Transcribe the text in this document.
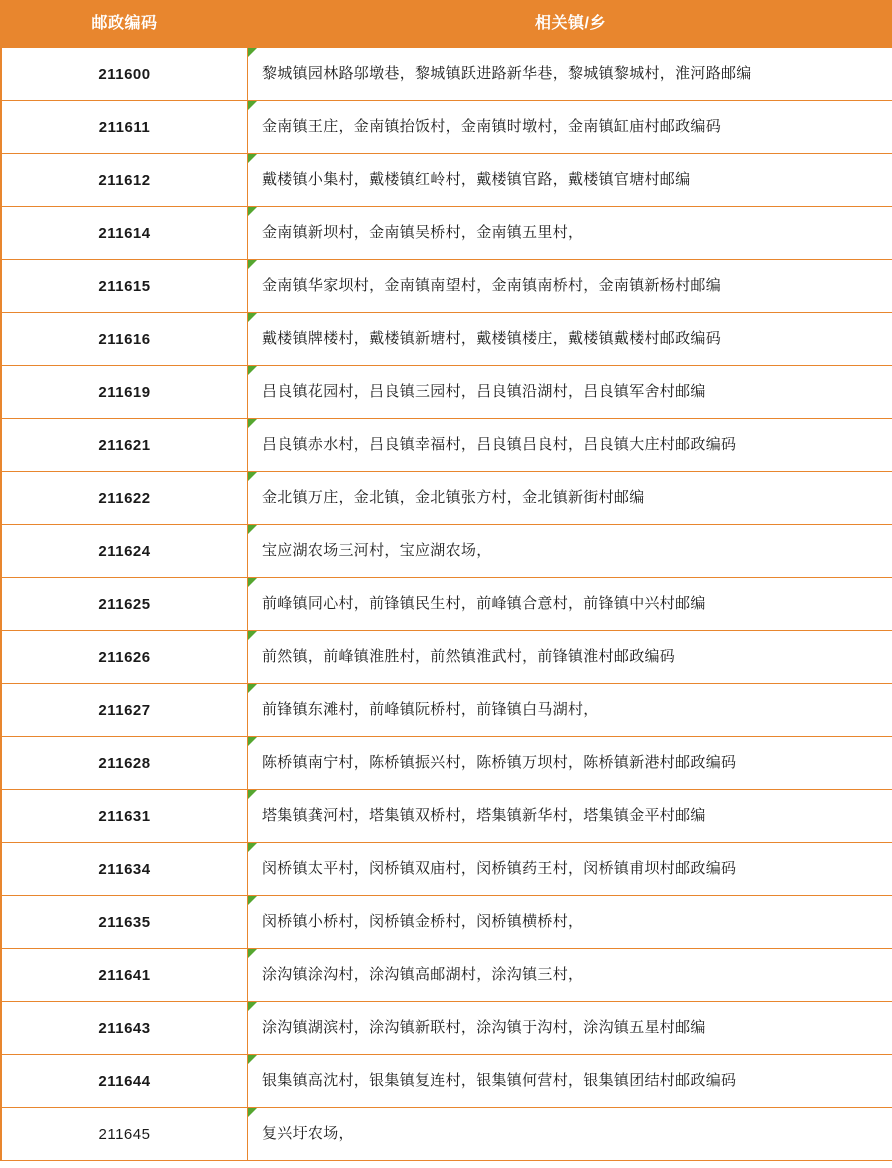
邮政编码	相关镇/乡
211600	黎城镇园林路邬墩巷，黎城镇跃进路新华巷，黎城镇黎城村，淮河路邮编
211611	金南镇王庄，金南镇抬饭村，金南镇时墩村，金南镇缸庙村邮政编码
211612	戴楼镇小集村，戴楼镇红岭村，戴楼镇官路，戴楼镇官塘村邮编
211614	金南镇新坝村，金南镇吴桥村，金南镇五里村，
211615	金南镇华家坝村，金南镇南望村，金南镇南桥村，金南镇新杨村邮编
211616	戴楼镇牌楼村，戴楼镇新塘村，戴楼镇楼庄，戴楼镇戴楼村邮政编码
211619	吕良镇花园村，吕良镇三园村，吕良镇沿湖村，吕良镇军舍村邮编
211621	吕良镇赤水村，吕良镇幸福村，吕良镇吕良村，吕良镇大庄村邮政编码
211622	金北镇万庄，金北镇，金北镇张方村，金北镇新街村邮编
211624	宝应湖农场三河村，宝应湖农场，
211625	前峰镇同心村，前锋镇民生村，前峰镇合意村，前锋镇中兴村邮编
211626	前然镇，前峰镇淮胜村，前然镇淮武村，前锋镇淮村邮政编码
211627	前锋镇东滩村，前峰镇阮桥村，前锋镇白马湖村，
211628	陈桥镇南宁村，陈桥镇振兴村，陈桥镇万坝村，陈桥镇新港村邮政编码
211631	塔集镇龚河村，塔集镇双桥村，塔集镇新华村，塔集镇金平村邮编
211634	闵桥镇太平村，闵桥镇双庙村，闵桥镇药王村，闵桥镇甫坝村邮政编码
211635	闵桥镇小桥村，闵桥镇金桥村，闵桥镇横桥村，
211641	涂沟镇涂沟村，涂沟镇高邮湖村，涂沟镇三村，
211643	涂沟镇湖滨村，涂沟镇新联村，涂沟镇于沟村，涂沟镇五星村邮编
211644	银集镇高沈村，银集镇复连村，银集镇何营村，银集镇团结村邮政编码
211645	复兴圩农场，
